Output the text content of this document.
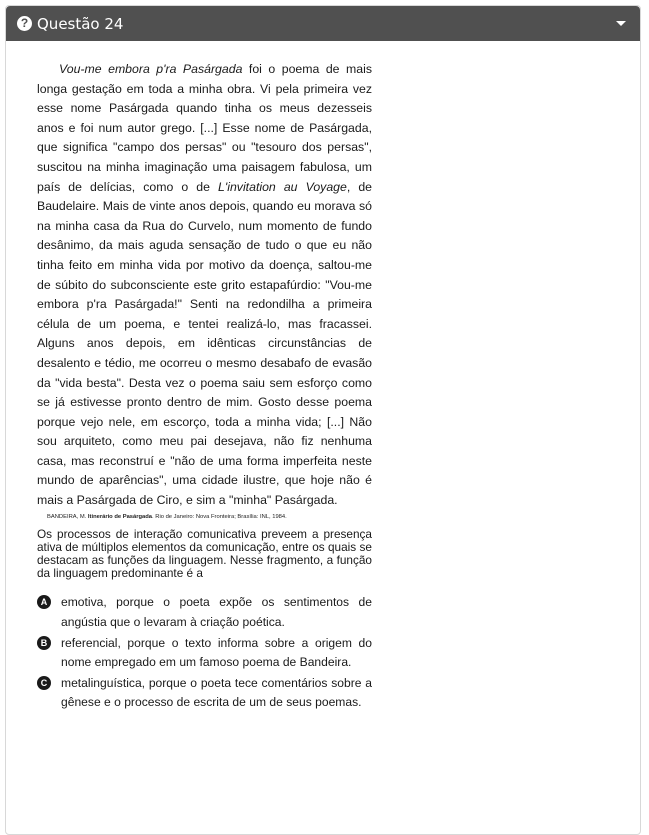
? Questão 24

Vou-me embora p'ra Pasárgada foi o poema de mais longa gestação em toda a minha obra. Vi pela primeira vez esse nome Pasárgada quando tinha os meus dezesseis anos e foi num autor grego. [...] Esse nome de Pasárgada, que significa "campo dos persas" ou "tesouro dos persas", suscitou na minha imaginação uma paisagem fabulosa, um país de delícias, como o de L'invitation au Voyage, de Baudelaire. Mais de vinte anos depois, quando eu morava só na minha casa da Rua do Curvelo, num momento de fundo desânimo, da mais aguda sensação de tudo o que eu não tinha feito em minha vida por motivo da doença, saltou-me de súbito do subconsciente este grito estapafúrdio: "Vou-me embora p'ra Pasárgada!" Senti na redondilha a primeira célula de um poema, e tentei realizá-lo, mas fracassei. Alguns anos depois, em idênticas circunstâncias de desalento e tédio, me ocorreu o mesmo desabafo de evasão da "vida besta". Desta vez o poema saiu sem esforço como se já estivesse pronto dentro de mim. Gosto desse poema porque vejo nele, em escorço, toda a minha vida; [...] Não sou arquiteto, como meu pai desejava, não fiz nenhuma casa, mas reconstruí e "não de uma forma imperfeita neste mundo de aparências", uma cidade ilustre, que hoje não é mais a Pasárgada de Ciro, e sim a "minha" Pasárgada.

BANDEIRA, M. Itinerário de Pasárgada. Rio de Janeiro: Nova Fronteira; Brasília: INL, 1984.

Os processos de interação comunicativa preveem a presença ativa de múltiplos elementos da comunicação, entre os quais se destacam as funções da linguagem. Nesse fragmento, a função da linguagem predominante é a

A	emotiva, porque o poeta expõe os sentimentos de angústia que o levaram à criação poética.
B	referencial, porque o texto informa sobre a origem do nome empregado em um famoso poema de Bandeira.
C	metalinguística, porque o poeta tece comentários sobre a gênese e o processo de escrita de um de seus poemas.
